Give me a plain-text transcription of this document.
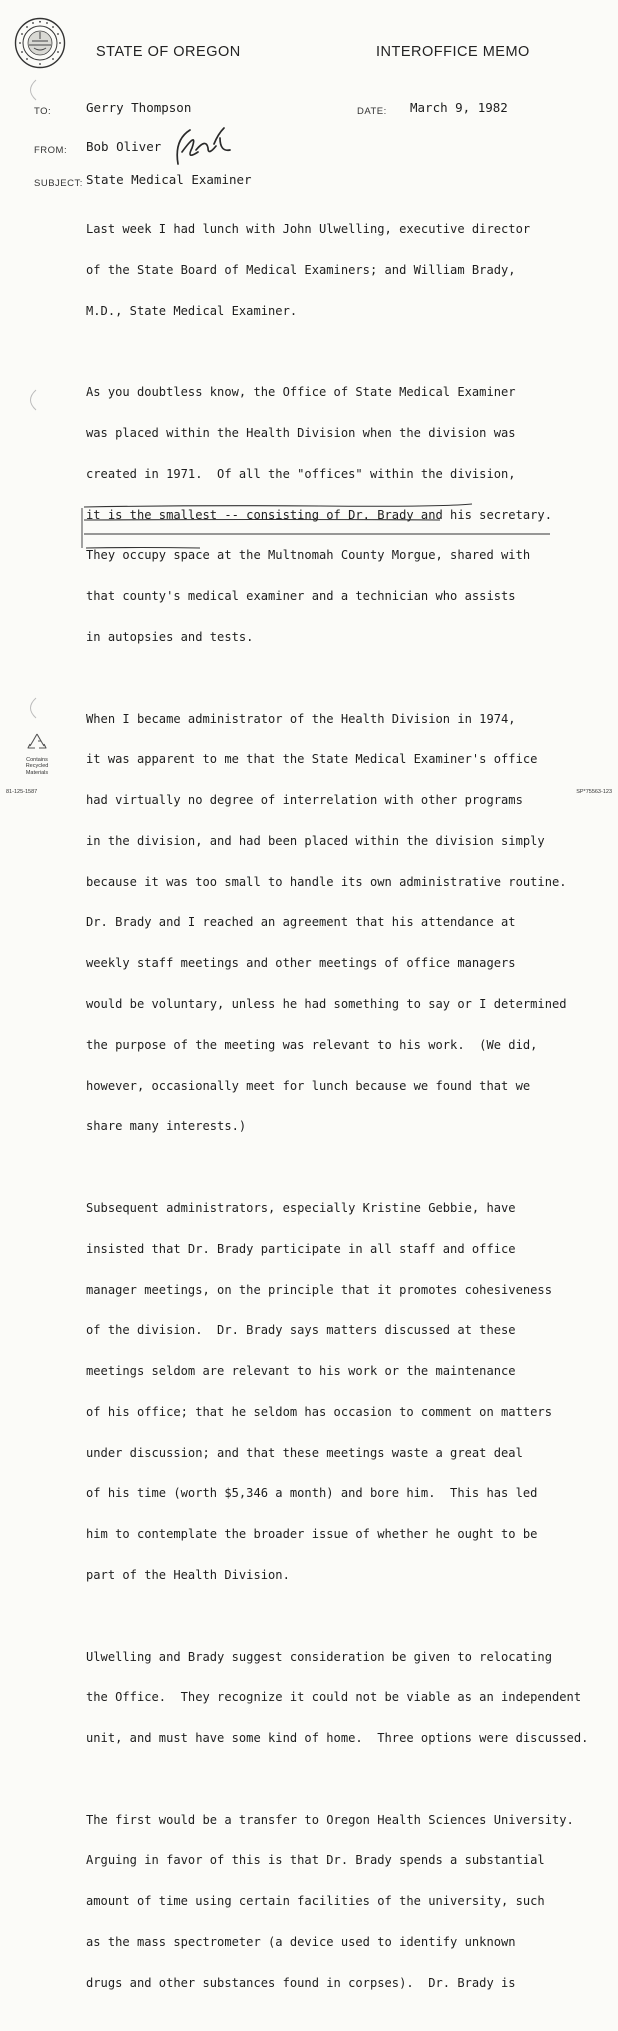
STATE OF OREGON	INTEROFFICE MEMO
TO:	Gerry Thompson	DATE: March 9, 1982
FROM: Bob Oliver
SUBJECT: State Medical Examiner

Last week I had lunch with John Ulwelling, executive director

of the State Board of Medical Examiners; and William Brady,

M.D., State Medical Examiner.

As you doubtless know, the Office of State Medical Examiner

was placed within the Health Division when the division was

created in 1971.  Of all the "offices" within the division,

it is the smallest -- consisting of Dr. Brady and his secretary.

They occupy space at the Multnomah County Morgue, shared with

that county's medical examiner and a technician who assists

in autopsies and tests.

When I became administrator of the Health Division in 1974,

it was apparent to me that the State Medical Examiner's office

had virtually no degree of interrelation with other programs

in the division, and had been placed within the division simply

because it was too small to handle its own administrative routine.

Dr. Brady and I reached an agreement that his attendance at

weekly staff meetings and other meetings of office managers

would be voluntary, unless he had something to say or I determined

the purpose of the meeting was relevant to his work.  (We did,

however, occasionally meet for lunch because we found that we

share many interests.)

Subsequent administrators, especially Kristine Gebbie, have

insisted that Dr. Brady participate in all staff and office

manager meetings, on the principle that it promotes cohesiveness

of the division.  Dr. Brady says matters discussed at these

meetings seldom are relevant to his work or the maintenance

of his office; that he seldom has occasion to comment on matters

under discussion; and that these meetings waste a great deal

of his time (worth $5,346 a month) and bore him.  This has led

him to contemplate the broader issue of whether he ought to be

part of the Health Division.

Ulwelling and Brady suggest consideration be given to relocating

the Office.  They recognize it could not be viable as an independent

unit, and must have some kind of home.  Three options were discussed.

The first would be a transfer to Oregon Health Sciences University.

Arguing in favor of this is that Dr. Brady spends a substantial

amount of time using certain facilities of the university, such

as the mass spectrometer (a device used to identify unknown

drugs and other substances found in corpses).  Dr. Brady is

Contains
Recycled
Materials
81-125-1587	SP*75563-123
